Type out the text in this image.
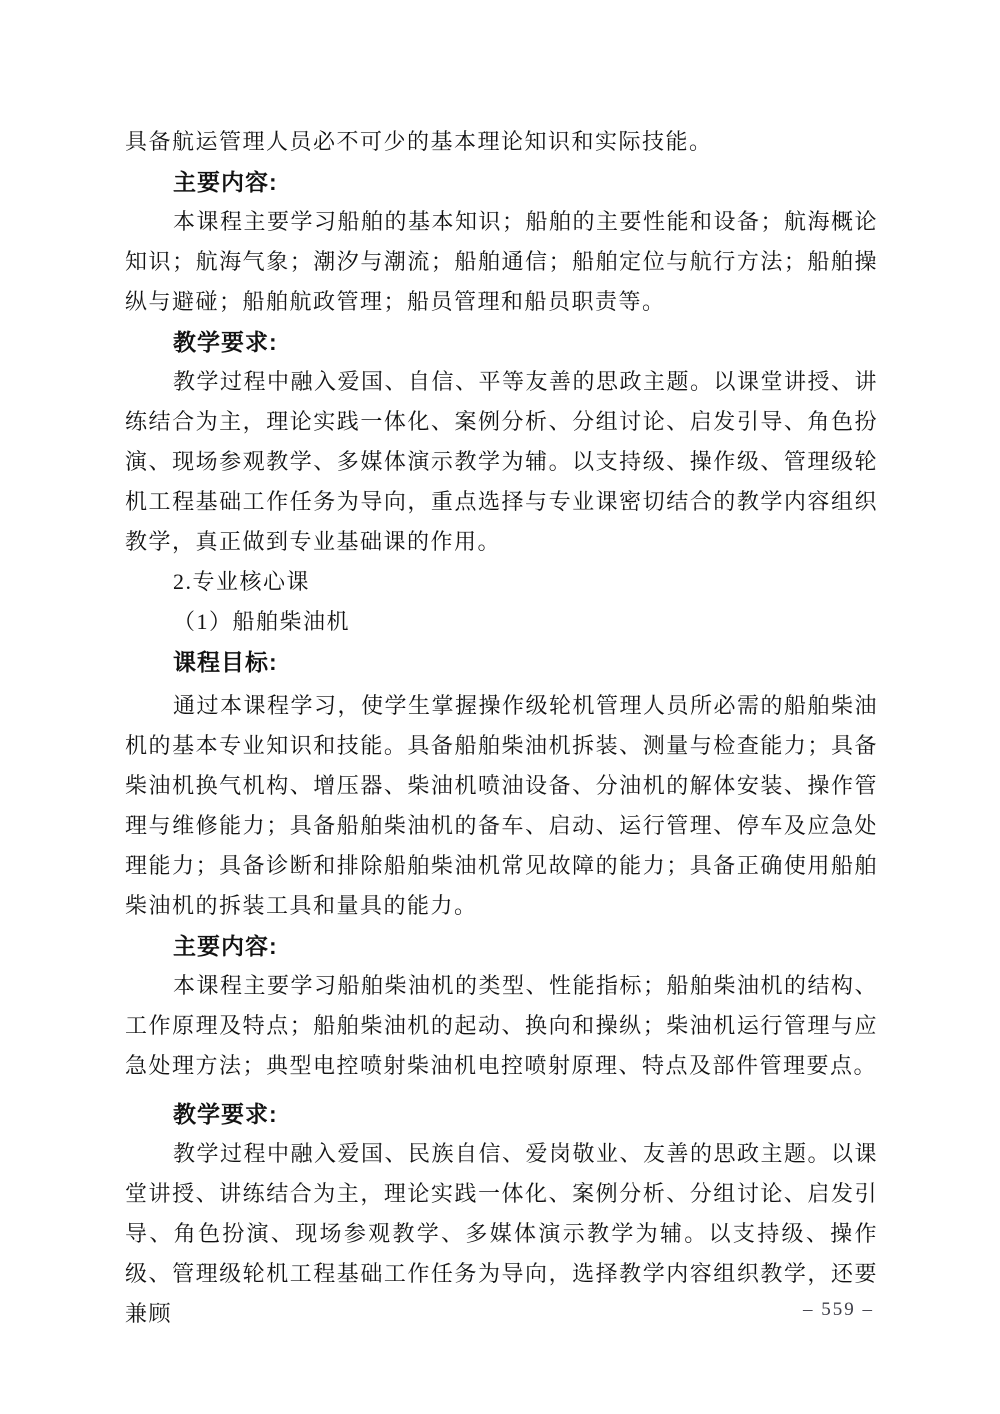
具备航运管理人员必不可少的基本理论知识和实际技能。

主要内容:

本课程主要学习船舶的基本知识；船舶的主要性能和设备；航海概论知识；航海气象；潮汐与潮流；船舶通信；船舶定位与航行方法；船舶操纵与避碰；船舶航政管理；船员管理和船员职责等。

教学要求:

教学过程中融入爱国、自信、平等友善的思政主题。以课堂讲授、讲练结合为主，理论实践一体化、案例分析、分组讨论、启发引导、角色扮演、现场参观教学、多媒体演示教学为辅。以支持级、操作级、管理级轮机工程基础工作任务为导向，重点选择与专业课密切结合的教学内容组织教学，真正做到专业基础课的作用。

2.专业核心课

（1）船舶柴油机

课程目标:

通过本课程学习，使学生掌握操作级轮机管理人员所必需的船舶柴油机的基本专业知识和技能。具备船舶柴油机拆装、测量与检查能力；具备柴油机换气机构、增压器、柴油机喷油设备、分油机的解体安装、操作管理与维修能力；具备船舶柴油机的备车、启动、运行管理、停车及应急处理能力；具备诊断和排除船舶柴油机常见故障的能力；具备正确使用船舶柴油机的拆装工具和量具的能力。

主要内容:

本课程主要学习船舶柴油机的类型、性能指标；船舶柴油机的结构、工作原理及特点；船舶柴油机的起动、换向和操纵；柴油机运行管理与应急处理方法；典型电控喷射柴油机电控喷射原理、特点及部件管理要点。

教学要求:

教学过程中融入爱国、民族自信、爱岗敬业、友善的思政主题。以课堂讲授、讲练结合为主，理论实践一体化、案例分析、分组讨论、启发引导、角色扮演、现场参观教学、多媒体演示教学为辅。以支持级、操作级、管理级轮机工程基础工作任务为导向，选择教学内容组织教学，还要兼顾	– 559 –
